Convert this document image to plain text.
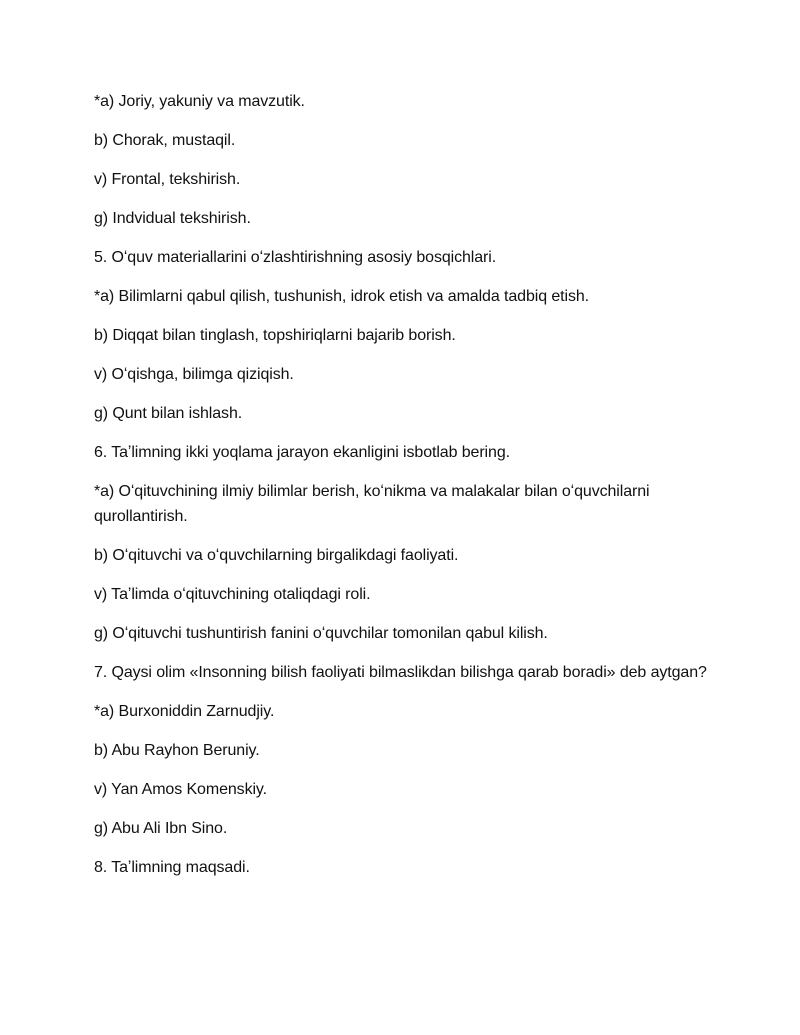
*a) Joriy, yakuniy va mavzutik.

b) Chorak, mustaqil.

v) Frontal, tekshirish.

g) Indvidual tekshirish.

5. Oʻquv materiallarini oʻzlashtirishning asosiy bosqichlari.

*a) Bilimlarni qabul qilish, tushunish, idrok etish va amalda tadbiq etish.

b) Diqqat bilan tinglash, topshiriqlarni bajarib borish.

v) Oʻqishga, bilimga qiziqish.

g) Qunt bilan ishlash.

6. Taʼlimning ikki yoqlama jarayon ekanligini isbotlab bering.

*a) Oʻqituvchining ilmiy bilimlar berish, koʻnikma va malakalar bilan oʻquvchilarni qurollantirish.

b) Oʻqituvchi va oʻquvchilarning birgalikdagi faoliyati.

v) Taʼlimda oʻqituvchining otaliqdagi roli.

g) Oʻqituvchi tushuntirish fanini oʻquvchilar tomonilan qabul kilish.

7. Qaysi olim «Insonning bilish faoliyati bilmaslikdan bilishga qarab boradi» deb aytgan?

*a) Burxoniddin Zarnudjiy.

b) Abu Rayhon Beruniy.

v) Yan Amos Komenskiy.

g) Abu Ali Ibn Sino.

8. Taʼlimning maqsadi.
